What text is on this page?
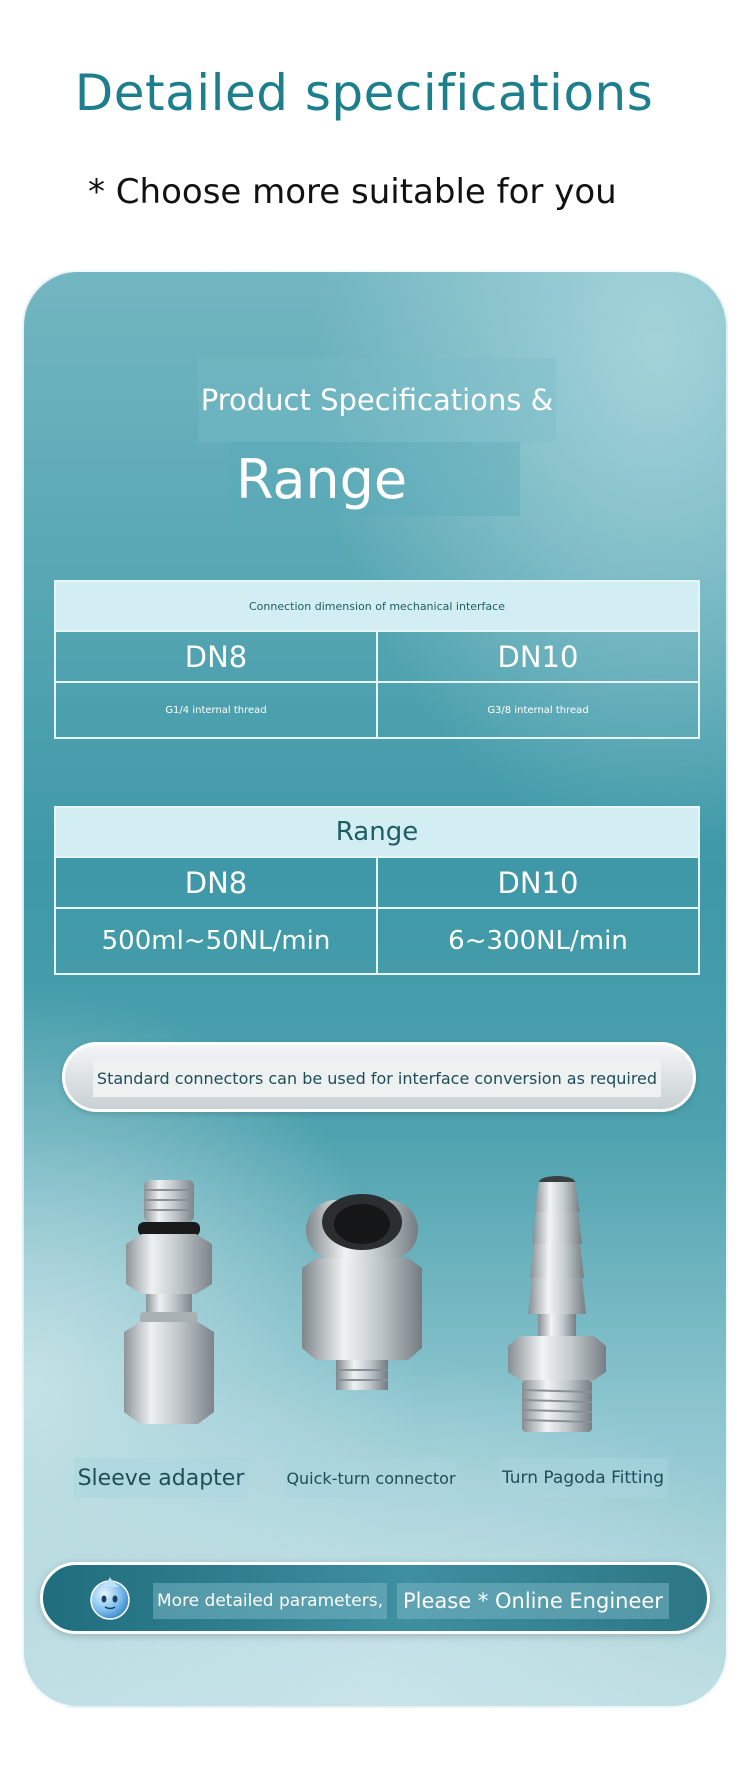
Detailed specifications

* Choose more suitable for you

Product Specifications &
Range
Connection dimension of mechanical interface	
DN8	DN10
G1/4 internal thread	G3/8 internal thread
Range	
DN8	DN10
500ml~50NL/min	6~300NL/min
Standard connectors can be used for interface conversion as required
Sleeve adapter	Quick-turn connector	Turn Pagoda Fitting
More detailed parameters, Please * Online Engineer
